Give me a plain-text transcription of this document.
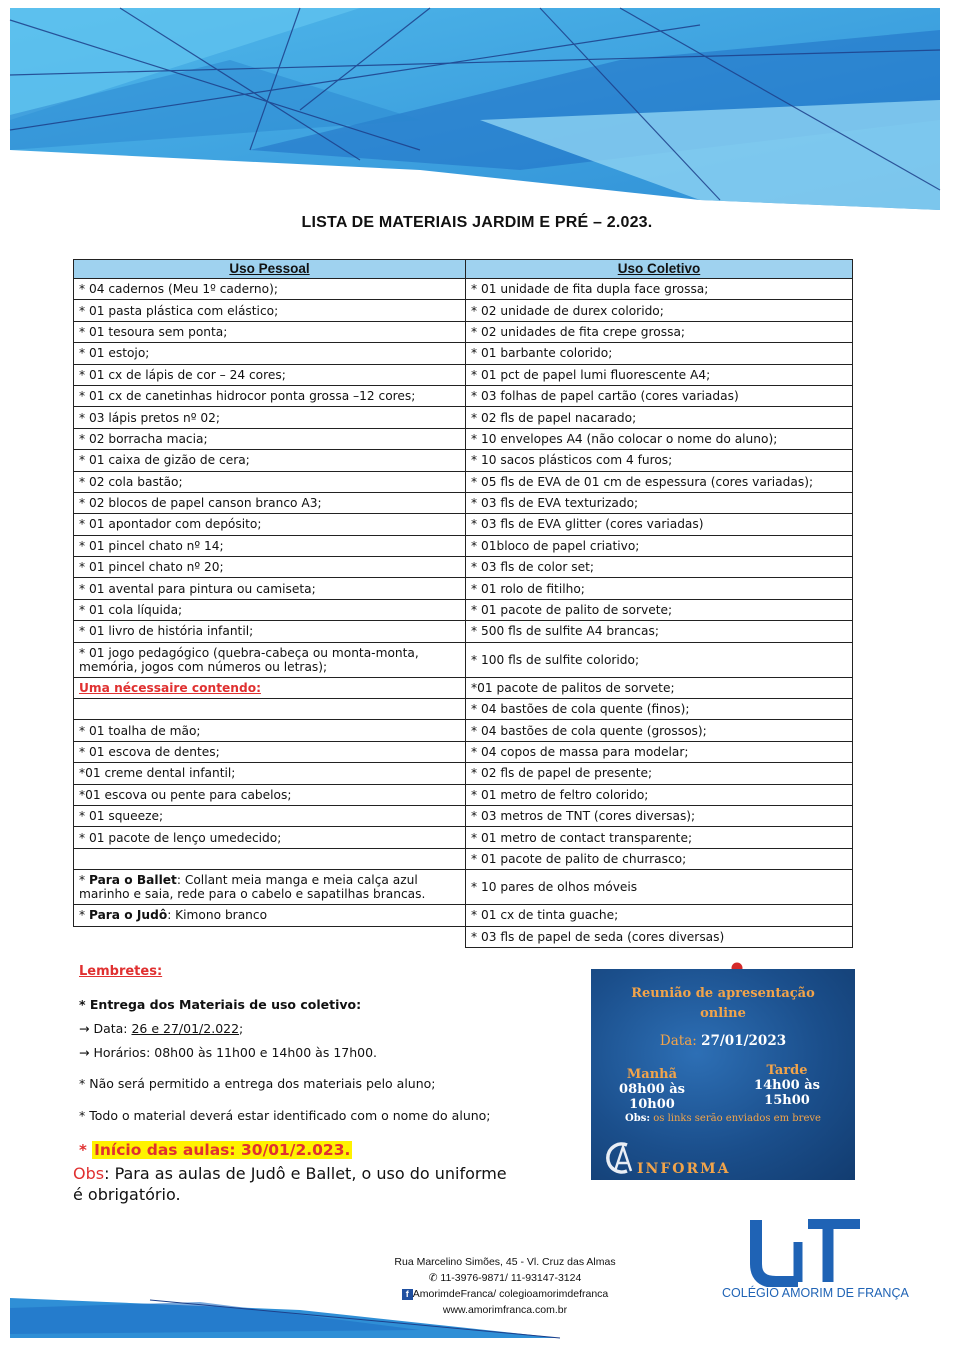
LISTA DE MATERIAIS JARDIM E PRÉ – 2.023.
Uso Pessoal	Uso Coletivo
* 04 cadernos (Meu 1º caderno);	* 01 unidade de fita dupla face grossa;
* 01 pasta plástica com elástico;	* 02 unidade de durex colorido;
* 01 tesoura sem ponta;	* 02 unidades de fita crepe grossa;
* 01 estojo;	* 01 barbante colorido;
* 01 cx de lápis de cor – 24 cores;	* 01 pct de papel lumi fluorescente A4;
* 01 cx de canetinhas hidrocor ponta grossa –12 cores;	* 03 folhas de papel cartão (cores variadas)
* 03 lápis pretos nº 02;	* 02 fls de papel nacarado;
* 02 borracha macia;	* 10 envelopes A4 (não colocar o nome do aluno);
* 01 caixa de gizão de cera;	* 10 sacos plásticos com 4 furos;
* 02 cola bastão;	* 05 fls de EVA de 01 cm de espessura (cores variadas);
* 02 blocos de papel canson branco A3;	* 03 fls de EVA texturizado;
* 01 apontador com depósito;	* 03 fls de EVA glitter (cores variadas)
* 01 pincel chato nº 14;	* 01bloco de papel criativo;
* 01 pincel chato nº 20;	* 03 fls de color set;
* 01 avental para pintura ou camiseta;	* 01 rolo de fitilho;
* 01 cola líquida;	* 01 pacote de palito de sorvete;
* 01 livro de história infantil;	* 500 fls de sulfite A4 brancas;
* 01 jogo pedagógico (quebra-cabeça ou monta-monta, memória, jogos com números ou letras);	* 100 fls de sulfite colorido;
Uma nécessaire contendo:	*01 pacote de palitos de sorvete;
	* 04 bastões de cola quente (finos);
* 01 toalha de mão;	* 04 bastões de cola quente (grossos);
* 01 escova de dentes;	* 04 copos de massa para modelar;
*01 creme dental infantil;	* 02 fls de papel de presente;
*01 escova ou pente para cabelos;	* 01 metro de feltro colorido;
* 01 squeeze;	* 03 metros de TNT (cores diversas);
* 01 pacote de lenço umedecido;	* 01 metro de contact transparente;
	* 01 pacote de palito de churrasco;
* Para o Ballet: Collant meia manga e meia calça azul marinho e saia, rede para o cabelo e sapatilhas brancas.	* 10 pares de olhos móveis
* Para o Judô: Kimono branco	* 01 cx de tinta guache;
	* 03 fls de papel de seda (cores diversas)

Lembretes:

* Entrega dos Materiais de uso coletivo:

→ Data: 26 e 27/01/2.022;

→ Horários: 08h00 às 11h00 e 14h00 às 17h00.

* Não será permitido a entrega dos materiais pelo aluno;

* Todo o material deverá estar identificado com o nome do aluno;

* Início das aulas: 30/01/2.023.

Obs: Para as aulas de Judô e Ballet, o uso do uniforme

é obrigatório.

Reunião de apresentação
online
Data: 27/01/2023
Manhã
08h00 às 10h00
Tarde
14h00 às 15h00
Obs: os links serão enviados em breve
INFORMA
Rua Marcelino Simões, 45 - Vl. Cruz das Almas
✆ 11-3976-9871/ 11-93147-3124
f AmorimdeFranca/ colegioamorimdefranca
www.amorimfranca.com.br
COLÉGIO AMORIM DE FRANÇA
